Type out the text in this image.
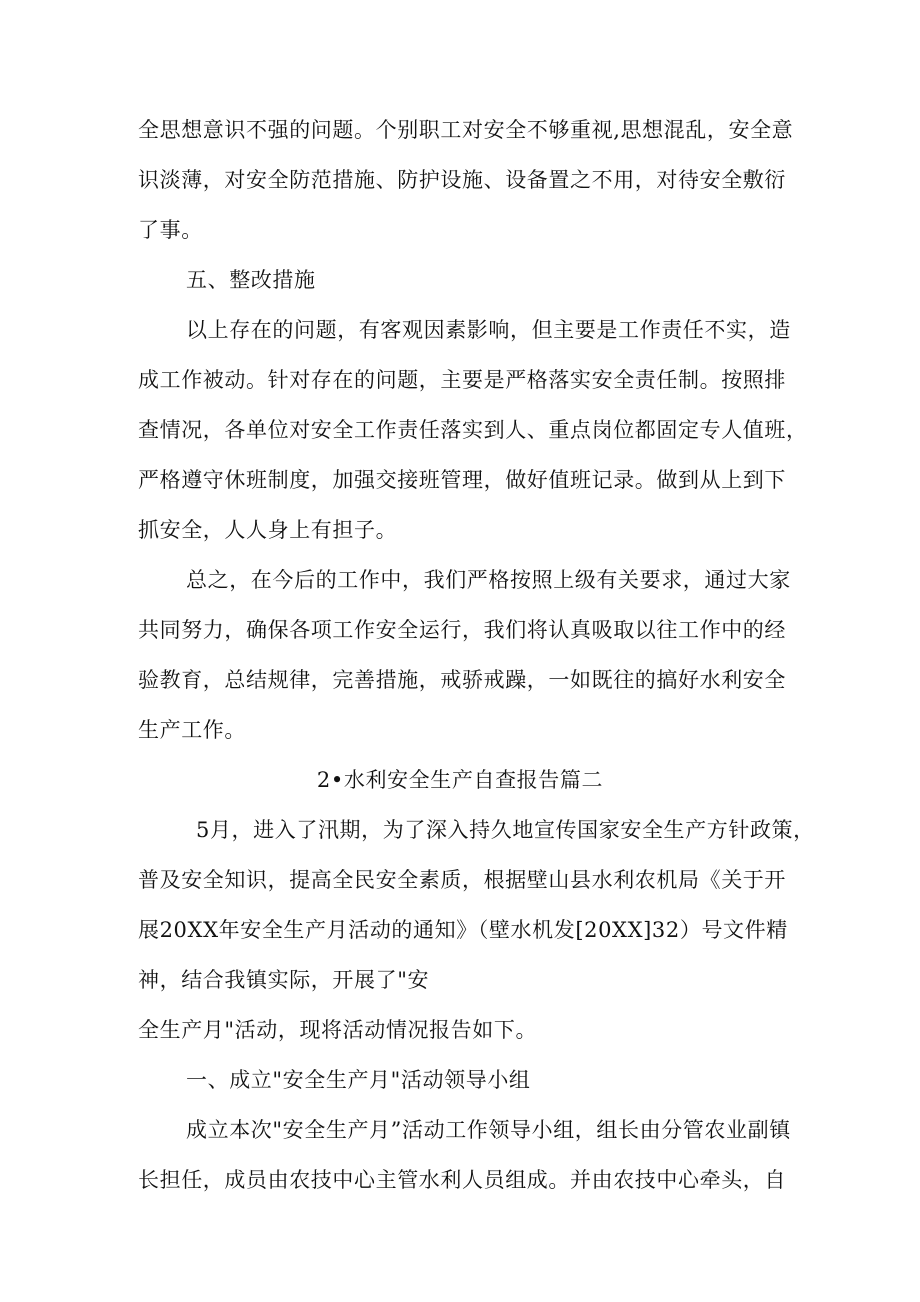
全思想意识不强的问题。个别职工对安全不够重视,思想混乱，安全意

识淡薄，对安全防范措施、防护设施、设备置之不用，对待安全敷衍

了事。

五、整改措施

以上存在的问题，有客观因素影响，但主要是工作责任不实，造

成工作被动。针对存在的问题，主要是严格落实安全责任制。按照排

查情况，各单位对安全工作责任落实到人、重点岗位都固定专人值班，

严格遵守休班制度，加强交接班管理，做好值班记录。做到从上到下

抓安全，人人身上有担子。

总之，在今后的工作中，我们严格按照上级有关要求，通过大家

共同努力，确保各项工作安全运行，我们将认真吸取以往工作中的经

验教育，总结规律，完善措施，戒骄戒躁，一如既往的搞好水利安全

生产工作。

2•水利安全生产自查报告篇二

5月，进入了汛期，为了深入持久地宣传国家安全生产方针政策，

普及安全知识，提高全民安全素质，根据壁山县水利农机局《关于开

展20XX年安全生产月活动的通知》（壁水机发[20XX]32）号文件精

神，结合我镇实际，开展了"安

全生产月"活动，现将活动情况报告如下。

一、成立"安全生产月"活动领导小组

成立本次"安全生产月”活动工作领导小组，组长由分管农业副镇

长担任，成员由农技中心主管水利人员组成。并由农技中心牵头，自
